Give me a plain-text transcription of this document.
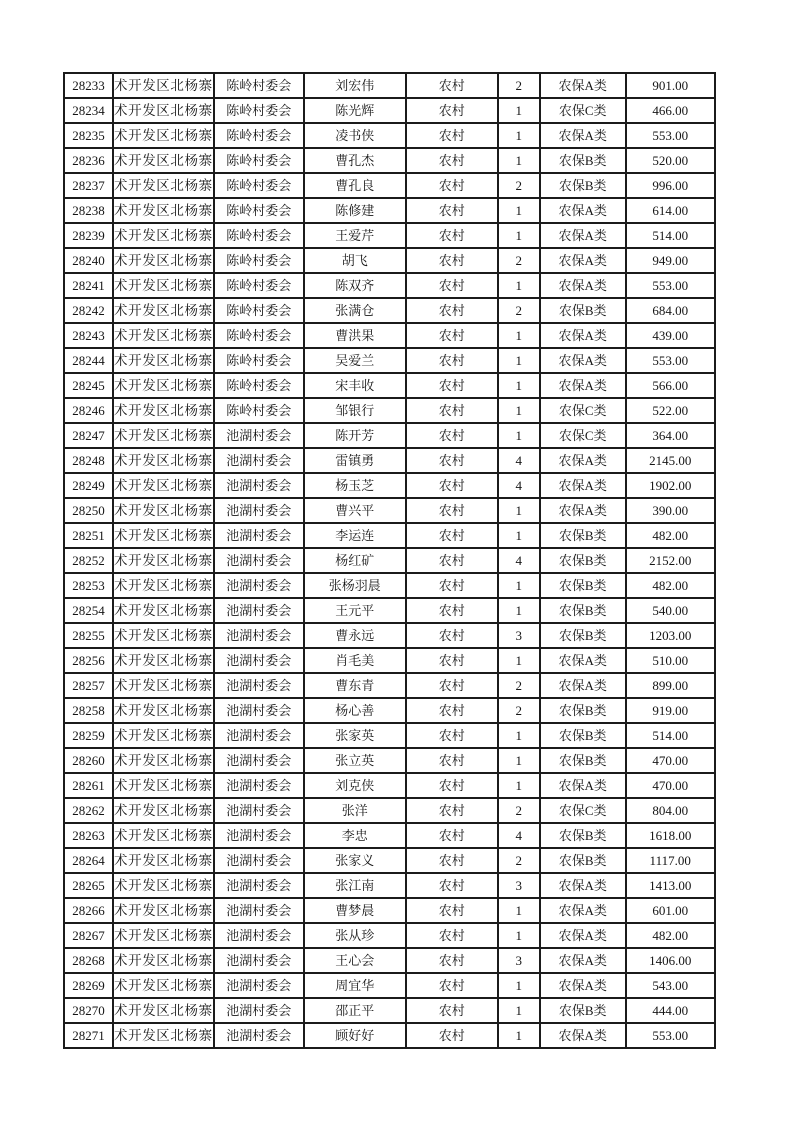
28233	术开发区北杨寨	陈岭村委会	刘宏伟	农村	2	农保A类	901.00
28234	术开发区北杨寨	陈岭村委会	陈光辉	农村	1	农保C类	466.00
28235	术开发区北杨寨	陈岭村委会	凌书侠	农村	1	农保A类	553.00
28236	术开发区北杨寨	陈岭村委会	曹孔杰	农村	1	农保B类	520.00
28237	术开发区北杨寨	陈岭村委会	曹孔良	农村	2	农保B类	996.00
28238	术开发区北杨寨	陈岭村委会	陈修建	农村	1	农保A类	614.00
28239	术开发区北杨寨	陈岭村委会	王爱芹	农村	1	农保A类	514.00
28240	术开发区北杨寨	陈岭村委会	胡飞	农村	2	农保A类	949.00
28241	术开发区北杨寨	陈岭村委会	陈双齐	农村	1	农保A类	553.00
28242	术开发区北杨寨	陈岭村委会	张满仓	农村	2	农保B类	684.00
28243	术开发区北杨寨	陈岭村委会	曹洪果	农村	1	农保A类	439.00
28244	术开发区北杨寨	陈岭村委会	吴爱兰	农村	1	农保A类	553.00
28245	术开发区北杨寨	陈岭村委会	宋丰收	农村	1	农保A类	566.00
28246	术开发区北杨寨	陈岭村委会	邹银行	农村	1	农保C类	522.00
28247	术开发区北杨寨	池湖村委会	陈开芳	农村	1	农保C类	364.00
28248	术开发区北杨寨	池湖村委会	雷镇勇	农村	4	农保A类	2145.00
28249	术开发区北杨寨	池湖村委会	杨玉芝	农村	4	农保A类	1902.00
28250	术开发区北杨寨	池湖村委会	曹兴平	农村	1	农保A类	390.00
28251	术开发区北杨寨	池湖村委会	李运连	农村	1	农保B类	482.00
28252	术开发区北杨寨	池湖村委会	杨红矿	农村	4	农保B类	2152.00
28253	术开发区北杨寨	池湖村委会	张杨羽晨	农村	1	农保B类	482.00
28254	术开发区北杨寨	池湖村委会	王元平	农村	1	农保B类	540.00
28255	术开发区北杨寨	池湖村委会	曹永远	农村	3	农保B类	1203.00
28256	术开发区北杨寨	池湖村委会	肖毛美	农村	1	农保A类	510.00
28257	术开发区北杨寨	池湖村委会	曹东青	农村	2	农保A类	899.00
28258	术开发区北杨寨	池湖村委会	杨心善	农村	2	农保B类	919.00
28259	术开发区北杨寨	池湖村委会	张家英	农村	1	农保B类	514.00
28260	术开发区北杨寨	池湖村委会	张立英	农村	1	农保B类	470.00
28261	术开发区北杨寨	池湖村委会	刘克侠	农村	1	农保A类	470.00
28262	术开发区北杨寨	池湖村委会	张洋	农村	2	农保C类	804.00
28263	术开发区北杨寨	池湖村委会	李忠	农村	4	农保B类	1618.00
28264	术开发区北杨寨	池湖村委会	张家义	农村	2	农保B类	1117.00
28265	术开发区北杨寨	池湖村委会	张江南	农村	3	农保A类	1413.00
28266	术开发区北杨寨	池湖村委会	曹梦晨	农村	1	农保A类	601.00
28267	术开发区北杨寨	池湖村委会	张从珍	农村	1	农保A类	482.00
28268	术开发区北杨寨	池湖村委会	王心会	农村	3	农保A类	1406.00
28269	术开发区北杨寨	池湖村委会	周宜华	农村	1	农保A类	543.00
28270	术开发区北杨寨	池湖村委会	邵正平	农村	1	农保B类	444.00
28271	术开发区北杨寨	池湖村委会	顾好好	农村	1	农保A类	553.00
